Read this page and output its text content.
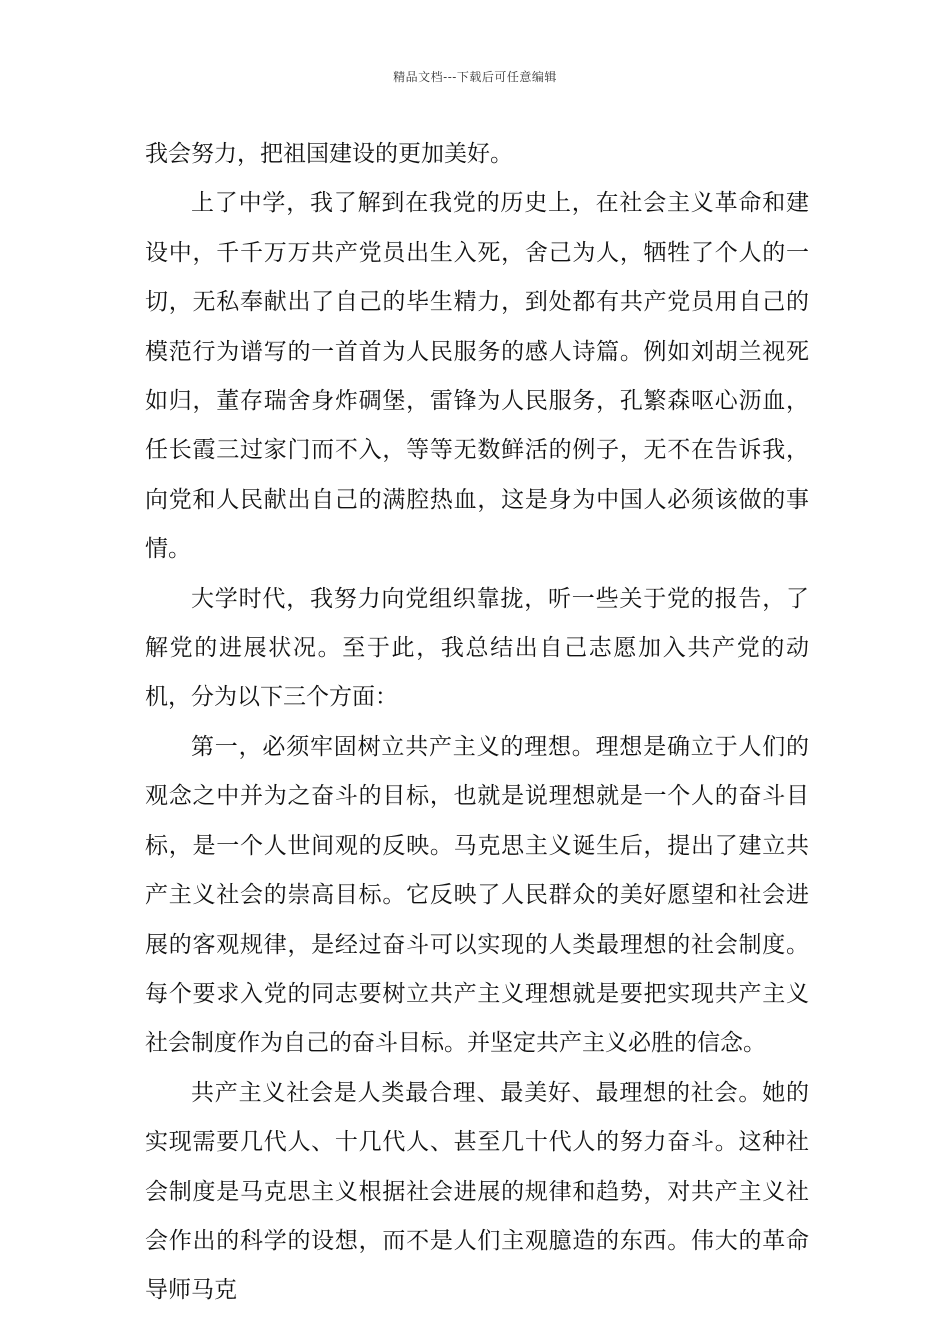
精品文档---下载后可任意编辑

我会努力，把祖国建设的更加美好。

上了中学，我了解到在我党的历史上，在社会主义革命和建设中，千千万万共产党员出生入死，舍己为人，牺牲了个人的一切，无私奉献出了自己的毕生精力，到处都有共产党员用自己的模范行为谱写的一首首为人民服务的感人诗篇。例如刘胡兰视死如归，董存瑞舍身炸碉堡，雷锋为人民服务，孔繁森呕心沥血，任长霞三过家门而不入，等等无数鲜活的例子，无不在告诉我，向党和人民献出自己的满腔热血，这是身为中国人必须该做的事情。

大学时代，我努力向党组织靠拢，听一些关于党的报告，了解党的进展状况。至于此，我总结出自己志愿加入共产党的动机，分为以下三个方面：

第一，必须牢固树立共产主义的理想。理想是确立于人们的观念之中并为之奋斗的目标，也就是说理想就是一个人的奋斗目标，是一个人世间观的反映。马克思主义诞生后，提出了建立共产主义社会的崇高目标。它反映了人民群众的美好愿望和社会进展的客观规律，是经过奋斗可以实现的人类最理想的社会制度。每个要求入党的同志要树立共产主义理想就是要把实现共产主义社会制度作为自己的奋斗目标。并坚定共产主义必胜的信念。

共产主义社会是人类最合理、最美好、最理想的社会。她的实现需要几代人、十几代人、甚至几十代人的努力奋斗。这种社会制度是马克思主义根据社会进展的规律和趋势，对共产主义社会作出的科学的设想，而不是人们主观臆造的东西。伟大的革命导师马克
